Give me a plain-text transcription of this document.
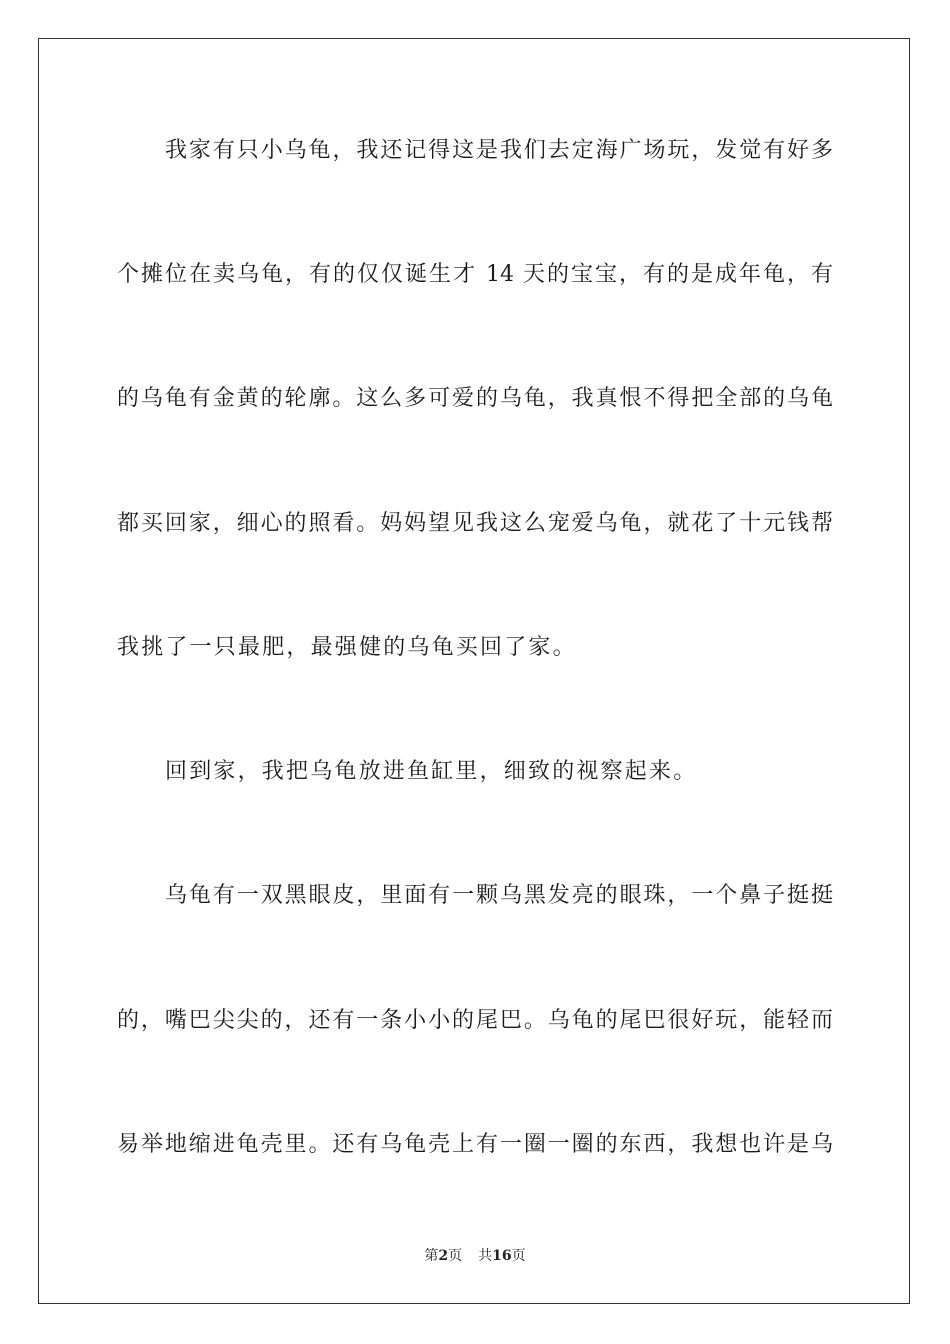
我家有只小乌龟，我还记得这是我们去定海广场玩，发觉有好多
个摊位在卖乌龟，有的仅仅诞生才 14 天的宝宝，有的是成年龟，有
的乌龟有金黄的轮廓。这么多可爱的乌龟，我真恨不得把全部的乌龟
都买回家，细心的照看。妈妈望见我这么宠爱乌龟，就花了十元钱帮
我挑了一只最肥，最强健的乌龟买回了家。
回到家，我把乌龟放进鱼缸里，细致的视察起来。
乌龟有一双黑眼皮，里面有一颗乌黑发亮的眼珠，一个鼻子挺挺
的，嘴巴尖尖的，还有一条小小的尾巴。乌龟的尾巴很好玩，能轻而
易举地缩进龟壳里。还有乌龟壳上有一圈一圈的东西，我想也许是乌
第2页 共16页
